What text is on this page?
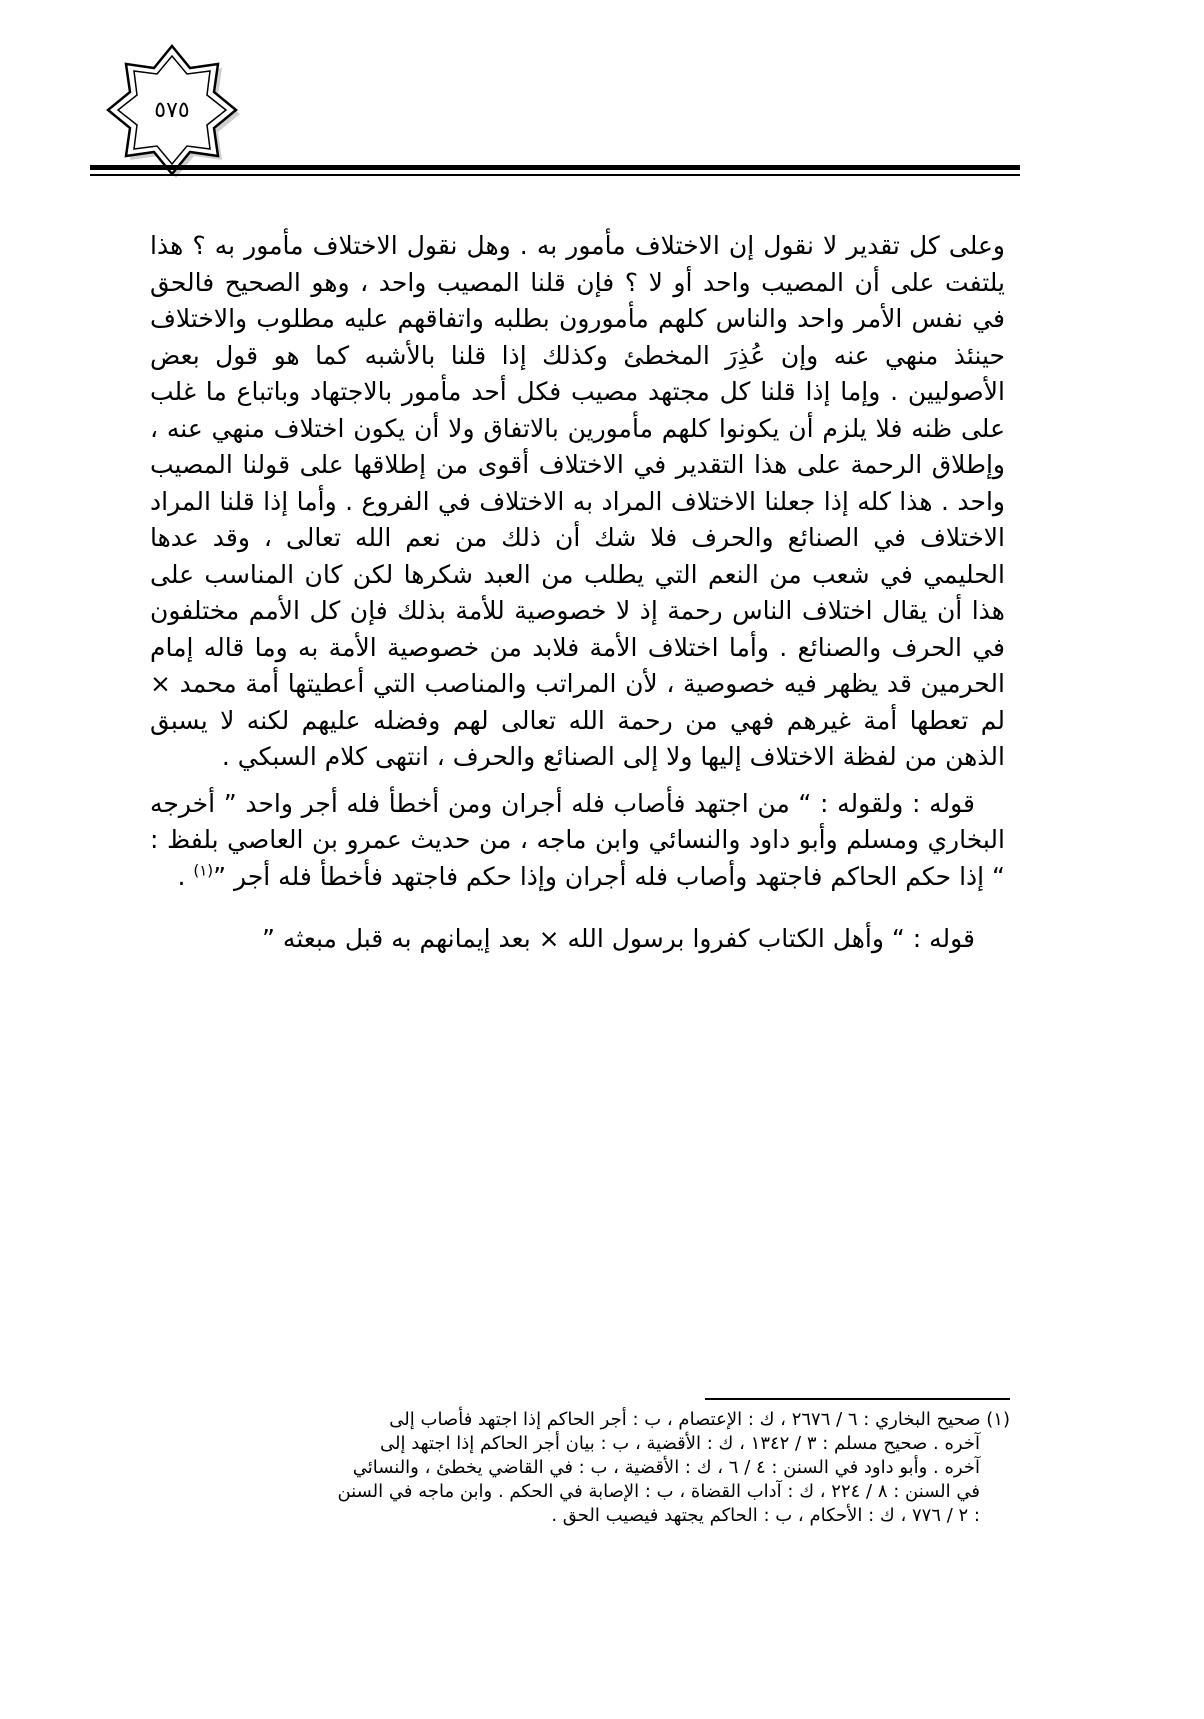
٥٧٥

وعلى كل تقدير لا نقول إن الاختلاف مأمور به . وهل نقول الاختلاف مأمور به ؟ هذا يلتفت على أن المصيب واحد أو لا ؟ فإن قلنا المصيب واحد ، وهو الصحيح فالحق في نفس الأمر واحد والناس كلهم مأمورون بطلبه واتفاقهم عليه مطلوب والاختلاف حينئذ منهي عنه وإن عُذِرَ المخطئ وكذلك إذا قلنا بالأشبه كما هو قول بعض الأصوليين . وإما إذا قلنا كل مجتهد مصيب فكل أحد مأمور بالاجتهاد وباتباع ما غلب على ظنه فلا يلزم أن يكونوا كلهم مأمورين بالاتفاق ولا أن يكون اختلاف منهي عنه ، وإطلاق الرحمة على هذا التقدير في الاختلاف أقوى من إطلاقها على قولنا المصيب واحد . هذا كله إذا جعلنا الاختلاف المراد به الاختلاف في الفروع . وأما إذا قلنا المراد الاختلاف في الصنائع والحرف فلا شك أن ذلك من نعم الله تعالى ، وقد عدها الحليمي في شعب من النعم التي يطلب من العبد شكرها لكن كان المناسب على هذا أن يقال اختلاف الناس رحمة إذ لا خصوصية للأمة بذلك فإن كل الأمم مختلفون في الحرف والصنائع . وأما اختلاف الأمة فلابد من خصوصية الأمة به وما قاله إمام الحرمين قد يظهر فيه خصوصية ، لأن المراتب والمناصب التي أعطيتها أمة محمد × لم تعطها أمة غيرهم فهي من رحمة الله تعالى لهم وفضله عليهم لكنه لا يسبق الذهن من لفظة الاختلاف إليها ولا إلى الصنائع والحرف ، انتهى كلام السبكي .

قوله : ولقوله : “ من اجتهد فأصاب فله أجران ومن أخطأ فله أجر واحد ” أخرجه البخاري ومسلم وأبو داود والنسائي وابن ماجه ، من حديث عمرو بن العاصي بلفظ : “ إذا حكم الحاكم فاجتهد وأصاب فله أجران وإذا حكم فاجتهد فأخطأ فله أجر ”$^{(١)}$ .

قوله : “ وأهل الكتاب كفروا برسول الله × بعد إيمانهم به قبل مبعثه ”

(١) صحيح البخاري : ٦ / ٢٦٧٦ ، ك : الإعتصام ، ب : أجر الحاكم إذا اجتهد فأصاب إلى

آخره . صحيح مسلم : ٣ / ١٣٤٢ ، ك : الأقضية ، ب : بيان أجر الحاكم إذا اجتهد إلى

آخره . وأبو داود في السنن : ٤ / ٦ ، ك : الأقضية ، ب : في القاضي يخطئ ، والنسائي

في السنن : ٨ / ٢٢٤ ، ك : آداب القضاة ، ب : الإصابة في الحكم . وابن ماجه في السنن

: ٢ / ٧٧٦ ، ك : الأحكام ، ب : الحاكم يجتهد فيصيب الحق .
